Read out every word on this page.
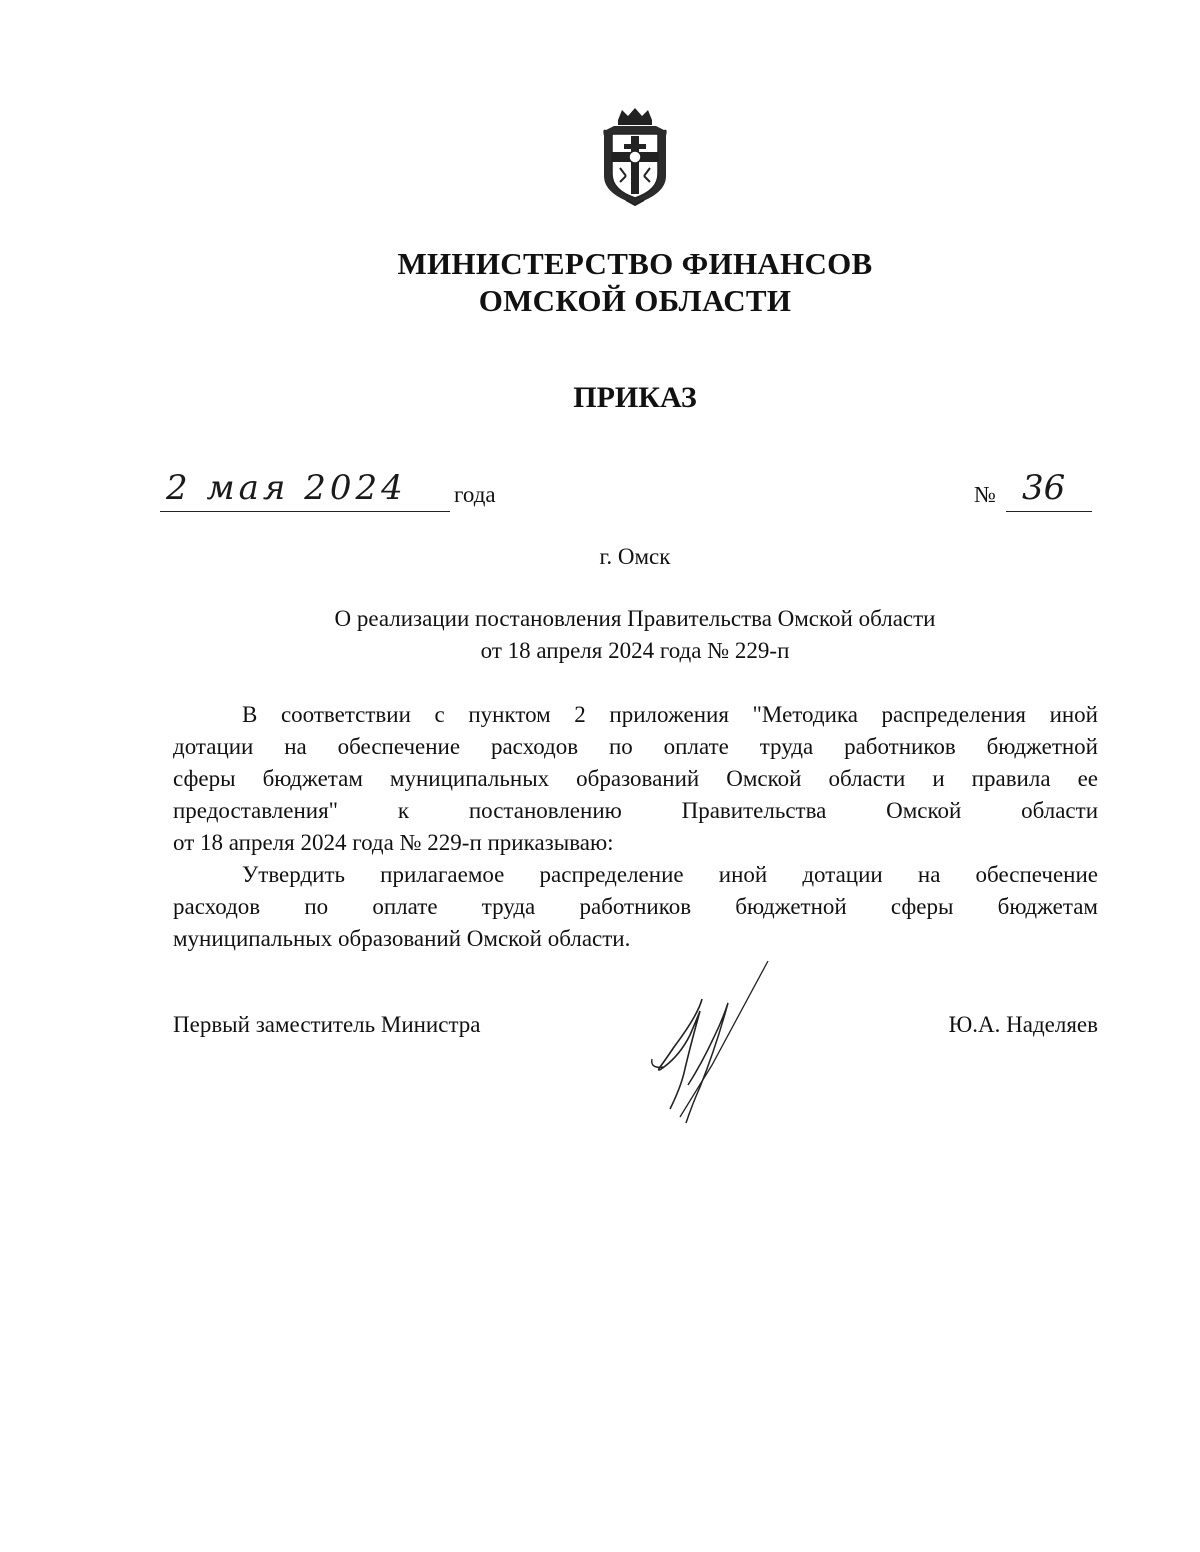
МИНИСТЕРСТВО ФИНАНСОВ
ОМСКОЙ ОБЛАСТИ
ПРИКАЗ
2 мая 2024	года	№ 36
г. Омск
О реализации постановления Правительства Омской области
от 18 апреля 2024 года № 229-п
В соответствии с пунктом 2 приложения "Методика распределения иной
дотации на обеспечение расходов по оплате труда работников бюджетной
сферы бюджетам муниципальных образований Омской области и правила ее
предоставления" к постановлению Правительства Омской области
от 18 апреля 2024 года № 229-п приказываю:
Утвердить прилагаемое распределение иной дотации на обеспечение
расходов по оплате труда работников бюджетной сферы бюджетам
муниципальных образований Омской области.
Первый заместитель Министра	Ю.А. Наделяев
